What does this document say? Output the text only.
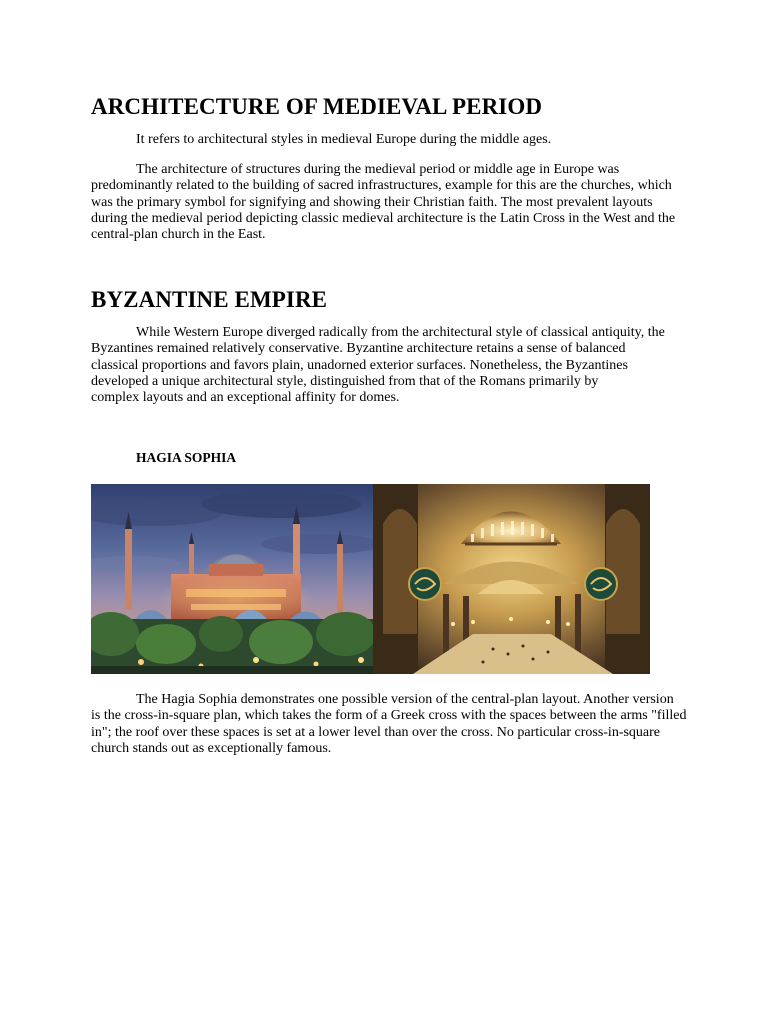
ARCHITECTURE OF MEDIEVAL PERIOD

It refers to architectural styles in medieval Europe during the middle ages.

The architecture of structures during the medieval period or middle age in Europe was
predominantly related to the building of sacred infrastructures, example for this are the churches, which
was the primary symbol for signifying and showing their Christian faith. The most prevalent layouts
during the medieval period depicting classic medieval architecture is the Latin Cross in the West and the
central-plan church in the East.

BYZANTINE EMPIRE

While Western Europe diverged radically from the architectural style of classical antiquity, the
Byzantines remained relatively conservative. Byzantine architecture retains a sense of balanced
classical proportions and favors plain, unadorned exterior surfaces. Nonetheless, the Byzantines
developed a unique architectural style, distinguished from that of the Romans primarily by
complex layouts and an exceptional affinity for domes.

HAGIA SOPHIA

The Hagia Sophia demonstrates one possible version of the central-plan layout. Another version
is the cross-in-square plan, which takes the form of a Greek cross with the spaces between the arms "filled
in"; the roof over these spaces is set at a lower level than over the cross. No particular cross-in-square
church stands out as exceptionally famous.
